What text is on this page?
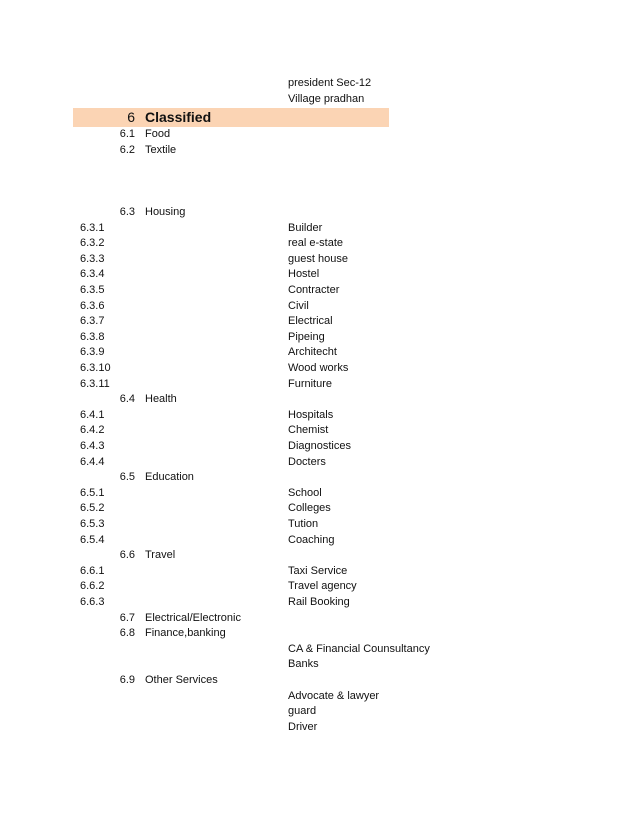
president Sec-12
Village pradhan
6 Classified
6.1 Food
6.2 Textile
6.3 Housing
6.3.1	Builder
6.3.2	real e-state
6.3.3	guest house
6.3.4	Hostel
6.3.5	Contracter
6.3.6	Civil
6.3.7	Electrical
6.3.8	Pipeing
6.3.9	Architecht
6.3.10	Wood works
6.3.11	Furniture
6.4 Health
6.4.1	Hospitals
6.4.2	Chemist
6.4.3	Diagnostices
6.4.4	Docters
6.5 Education
6.5.1	School
6.5.2	Colleges
6.5.3	Tution
6.5.4	Coaching
6.6 Travel
6.6.1	Taxi Service
6.6.2	Travel agency
6.6.3	Rail Booking
6.7 Electrical/Electronic
6.8 Finance,banking
CA & Financial Counsultancy
Banks
6.9 Other Services
Advocate & lawyer
guard
Driver
